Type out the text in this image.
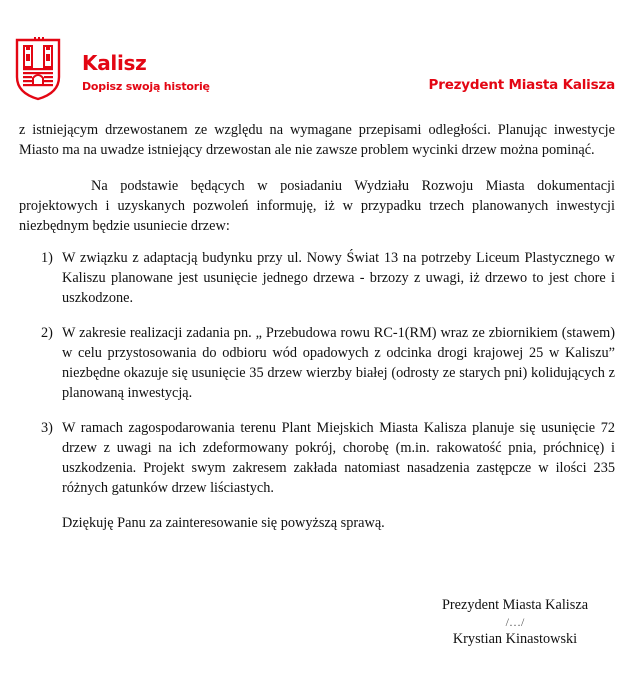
Kalisz
Dopisz swoją historię	Prezydent Miasta Kalisza

z istniejącym drzewostanem ze względu na wymagane przepisami odległości. Planując inwestycje Miasto ma na uwadze istniejący drzewostan ale nie zawsze problem wycinki drzew można pominąć.

Na podstawie będących w posiadaniu Wydziału Rozwoju Miasta dokumentacji projektowych i uzyskanych pozwoleń informuję, iż w przypadku trzech planowanych inwestycji niezbędnym będzie usuniecie drzew:

1) W związku z adaptacją budynku przy ul. Nowy Świat 13 na potrzeby Liceum Plastycznego w Kaliszu planowane jest usunięcie jednego drzewa - brzozy z uwagi, iż drzewo to jest chore i uszkodzone.
2) W zakresie realizacji zadania pn. „ Przebudowa rowu RC-1(RM) wraz ze zbiornikiem (stawem) w celu przystosowania do odbioru wód opadowych z odcinka drogi krajowej 25 w Kaliszu” niezbędne okazuje się usunięcie 35 drzew wierzby białej (odrosty ze starych pni) kolidujących z planowaną inwestycją.
3) W ramach zagospodarowania terenu Plant Miejskich Miasta Kalisza planuje się usunięcie 72 drzew z uwagi na ich zdeformowany pokrój, chorobę (m.in. rakowatość pnia, próchnicę) i uszkodzenia. Projekt swym zakresem zakłada natomiast nasadzenia zastępcze w ilości 235 różnych gatunków drzew liściastych.

Dziękuję Panu za zainteresowanie się powyższą sprawą.

Prezydent Miasta Kalisza
/…/
Krystian Kinastowski
